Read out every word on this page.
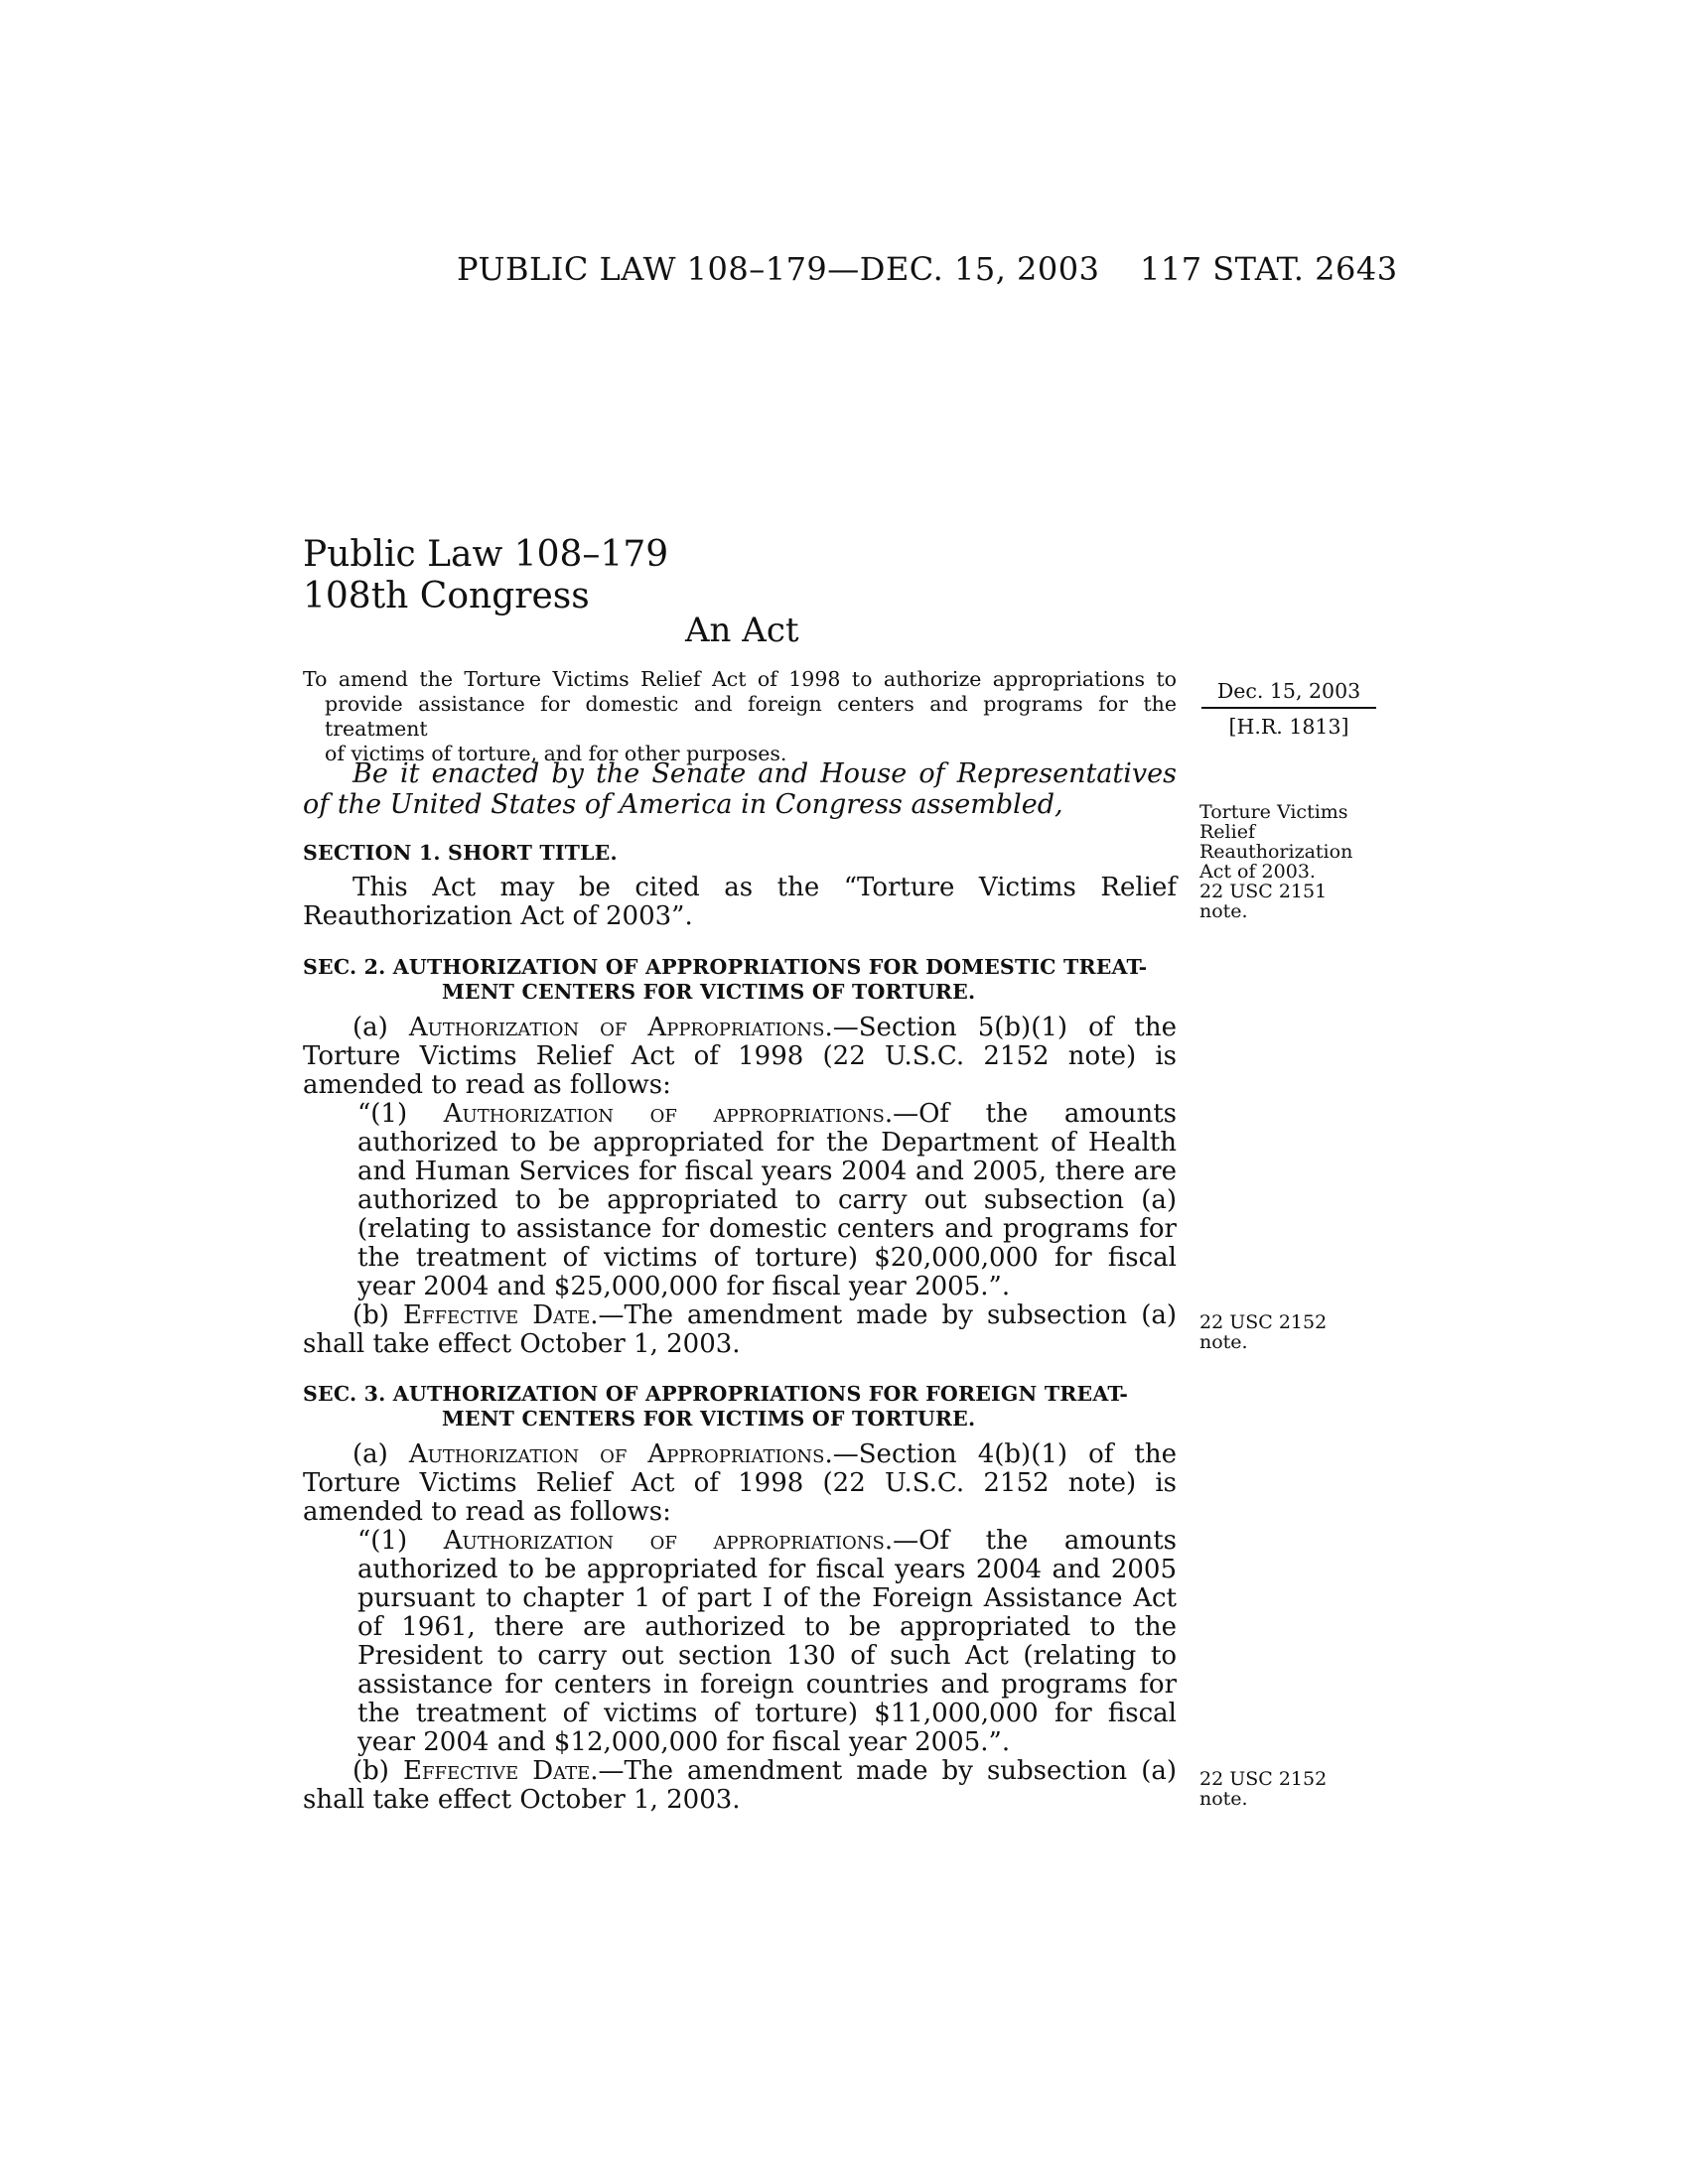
PUBLIC LAW 108–179—DEC. 15, 2003 117 STAT. 2643
Public Law 108–179
108th Congress
An Act
To amend the Torture Victims Relief Act of 1998 to authorize appropriations to
provide assistance for domestic and foreign centers and programs for the treatment
of victims of torture, and for other purposes.
Dec. 15, 2003
[H.R. 1813]

Be it enacted by the Senate and House of Representatives of the United States of America in Congress assembled,

SECTION 1. SHORT TITLE.

This Act may be cited as the “Torture Victims Relief Reauthorization Act of 2003”.

Torture Victims
Relief
Reauthorization
Act of 2003.
22 USC 2151
note.
SEC. 2. AUTHORIZATION OF APPROPRIATIONS FOR DOMESTIC TREAT-
MENT CENTERS FOR VICTIMS OF TORTURE.

(a) Authorization of Appropriations.—Section 5(b)(1) of the Torture Victims Relief Act of 1998 (22 U.S.C. 2152 note) is amended to read as follows:

“(1) Authorization of appropriations.—Of the amounts authorized to be appropriated for the Department of Health and Human Services for fiscal years 2004 and 2005, there are authorized to be appropriated to carry out subsection (a) (relating to assistance for domestic centers and programs for the treatment of victims of torture) $20,000,000 for fiscal year 2004 and $25,000,000 for fiscal year 2005.”.

(b) Effective Date.—The amendment made by subsection (a) shall take effect October 1, 2003.

22 USC 2152
note.
SEC. 3. AUTHORIZATION OF APPROPRIATIONS FOR FOREIGN TREAT-
MENT CENTERS FOR VICTIMS OF TORTURE.

(a) Authorization of Appropriations.—Section 4(b)(1) of the Torture Victims Relief Act of 1998 (22 U.S.C. 2152 note) is amended to read as follows:

“(1) Authorization of appropriations.—Of the amounts authorized to be appropriated for fiscal years 2004 and 2005 pursuant to chapter 1 of part I of the Foreign Assistance Act of 1961, there are authorized to be appropriated to the President to carry out section 130 of such Act (relating to assistance for centers in foreign countries and programs for the treatment of victims of torture) $11,000,000 for fiscal year 2004 and $12,000,000 for fiscal year 2005.”.

(b) Effective Date.—The amendment made by subsection (a) shall take effect October 1, 2003.

22 USC 2152
note.
